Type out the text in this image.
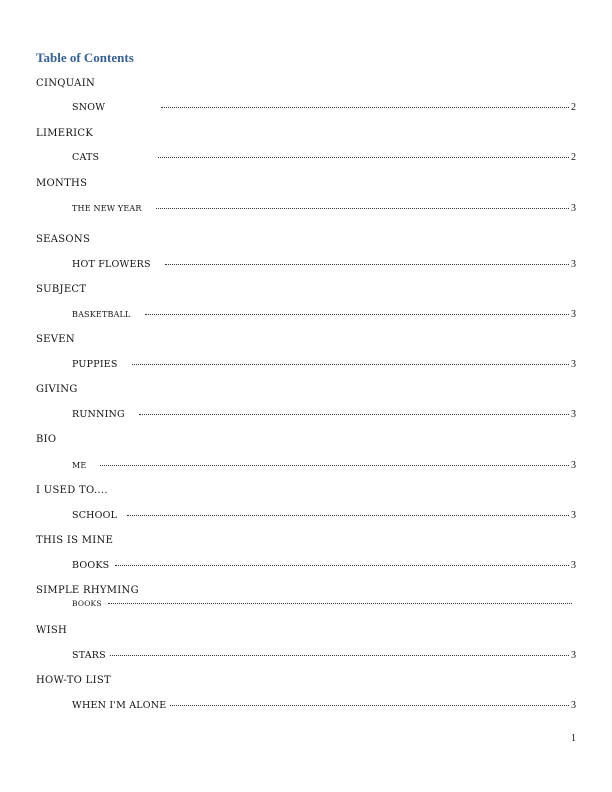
Table of Contents
CINQUAIN
SNOW	2
LIMERICK
CATS	2
MONTHS
THE NEW YEAR	3
SEASONS
HOT FLOWERS	3
SUBJECT
BASKETBALL	3
SEVEN
PUPPIES	3
GIVING
RUNNING	3
BIO
ME	3
I USED TO....
SCHOOL	3
THIS IS MINE
BOOKS	3
SIMPLE RHYMING
BOOKS
WISH
STARS	3
HOW-TO LIST
WHEN I'M ALONE	3
1
